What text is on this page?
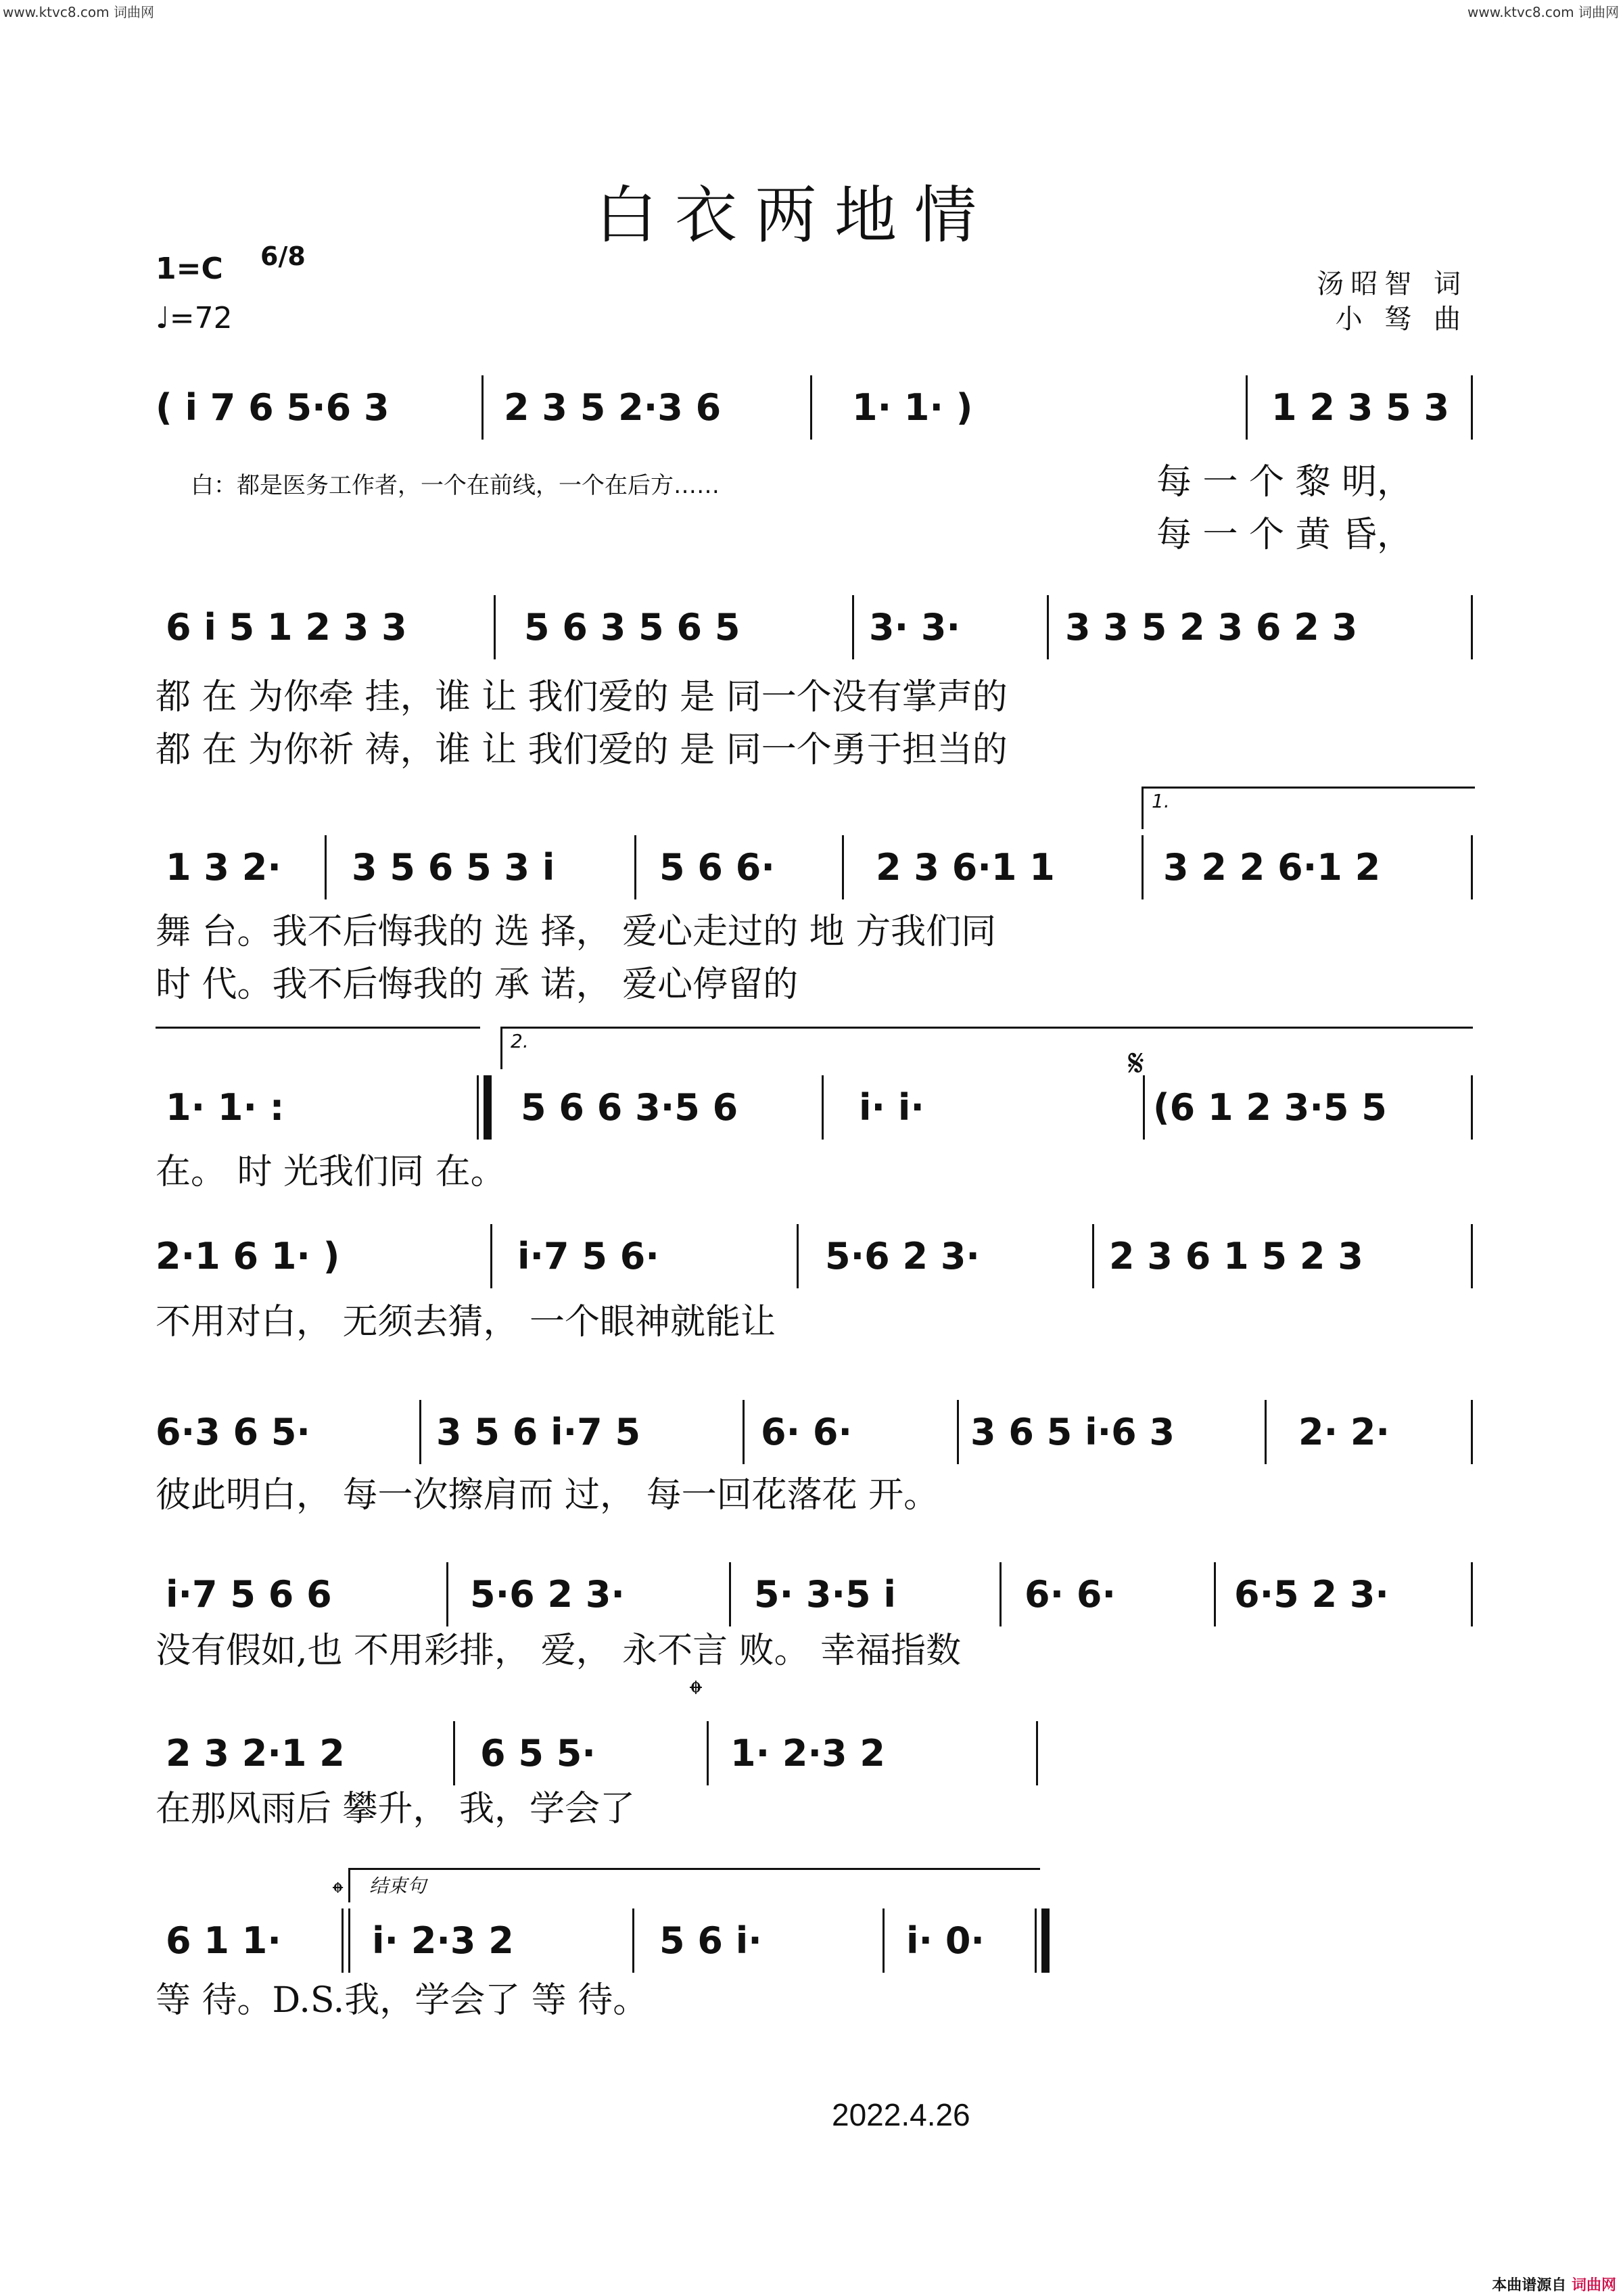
www.ktvc8.com 词曲网	www.ktvc8.com 词曲网
白衣两地情
1=C 6/8
♩=72
汤昭智 词
小 驽 曲
( i 7 6 5·6 3	2 3 5 2·3 6	1· 1· )	1 2 3 5 3
白：都是医务工作者，一个在前线，一个在后方……	每 一 个 黎 明，
每 一 个 黄 昏，
6 i 5 1 2 3 3	5 6 3 5 6 5	3· 3·	3 3 5 2 3 6 2 3
都 在 为你牵 挂，谁 让 我们爱的 是 同一个没有掌声的
都 在 为你祈 祷，谁 让 我们爱的 是 同一个勇于担当的
1 3 2·	3 5 6 5 3 i	5 6 6·	2 3 6·1 1
1.
3 2 2 6·1 2
舞 台。我不后悔我的 选 择， 爱心走过的 地 方我们同
时 代。我不后悔我的 承 诺， 爱心停留的
1· 1· :
2.
5 6 6 3·5 6	i· i·
𝄋
(6 1 2 3·5 5
在。 时 光我们同 在。
2·1 6 1· )	i·7 5 6·	5·6 2 3·	2 3 6 1 5 2 3
不用对白， 无须去猜， 一个眼神就能让
6·3 6 5·	3 5 6 i·7 5	6· 6·	3 6 5 i·6 3	2· 2·
彼此明白， 每一次擦肩而 过， 每一回花落花 开。
i·7 5 6 6	5·6 2 3·	5· 3·5 i	6· 6·	6·5 2 3·
没有假如,也 不用彩排， 爱， 永不言 败。 幸福指数
2 3 2·1 2	6 5 5·
𝄌
1· 2·3 2
在那风雨后 攀升， 我，学会了
6 1 1·
结束句
𝄌
i· 2·3 2	5 6 i·	i· 0·
等 待。D.S.我，学会了 等 待。
2022.4.26
本曲谱源自 词曲网
